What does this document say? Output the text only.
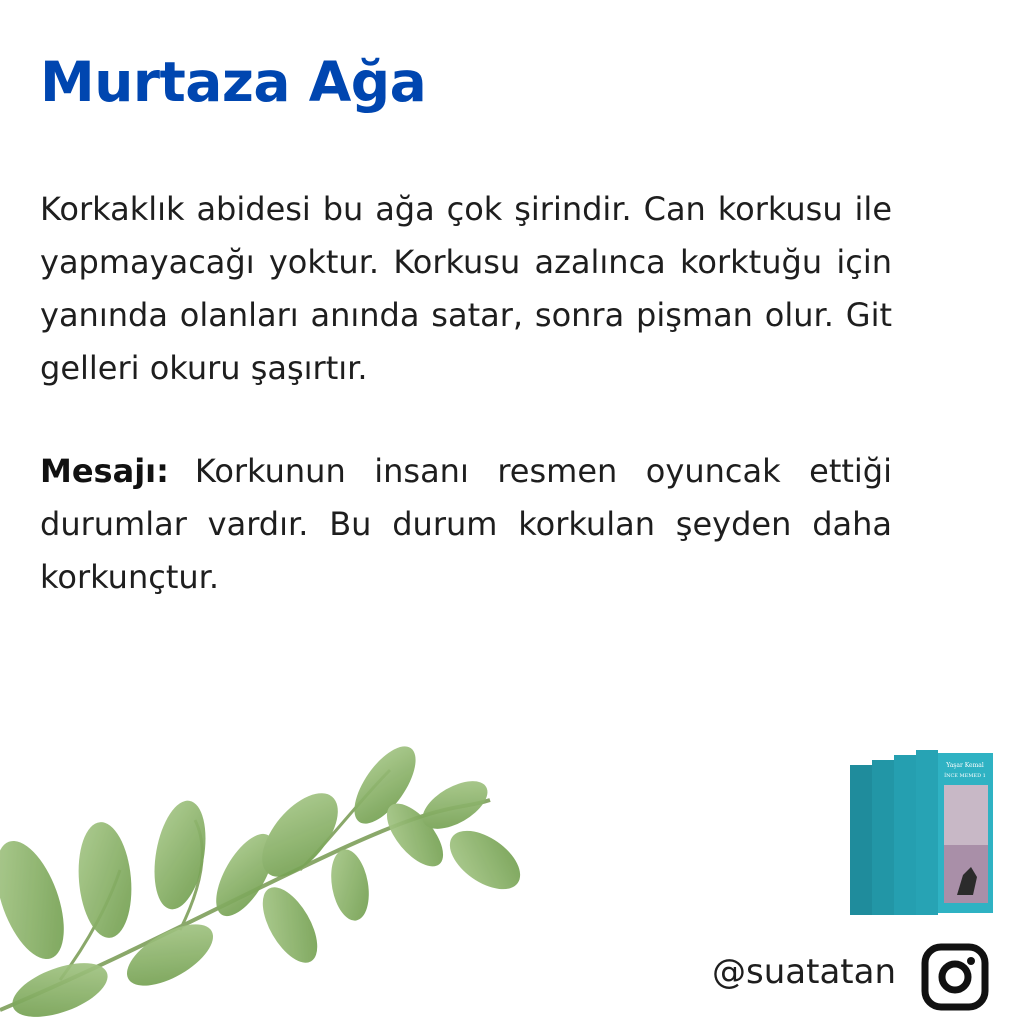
Murtaza Ağa

Korkaklık abidesi bu ağa çok şirindir. Can korkusu ile yapmayacağı yoktur. Korkusu azalınca korktuğu için yanında olanları anında satar, sonra pişman olur. Git gelleri okuru şaşırtır.

Mesajı: Korkunun insanı resmen oyuncak ettiği durumlar vardır. Bu durum korkulan şeyden daha korkunçtur.

Yaşar Kemal
İNCE MEMED 1
@suatatan
